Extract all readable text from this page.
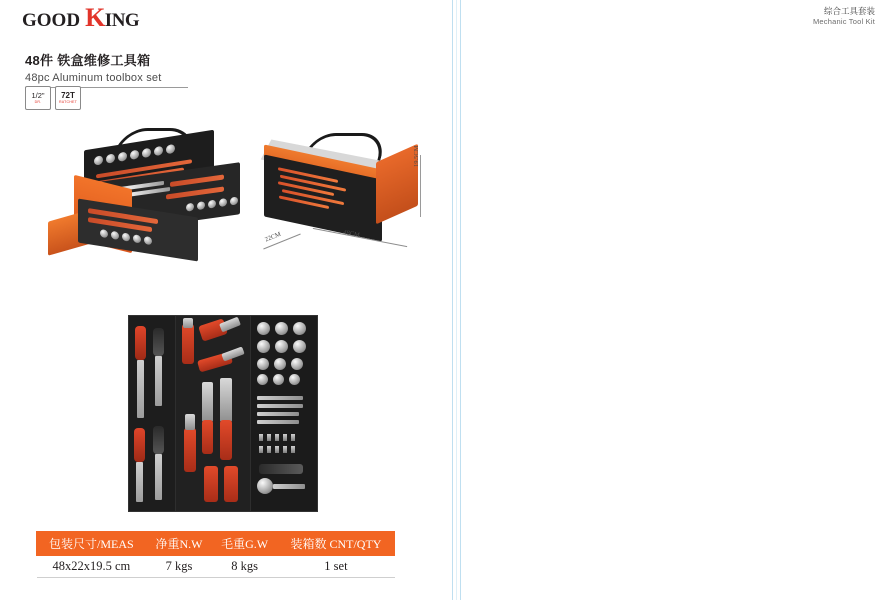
GOOD K ING	综合工具套装
Mechanic Tool Kit
48件 铁盒维修工具箱
48pc Aluminum toolbox set
1/2"
DR.
72T
RATCHET
19.5CM
22CM	48CM
包装尺寸/MEAS	净重N.W	毛重G.W	装箱数 CNT/QTY
48x22x19.5 cm	7 kgs	8 kgs	1 set
